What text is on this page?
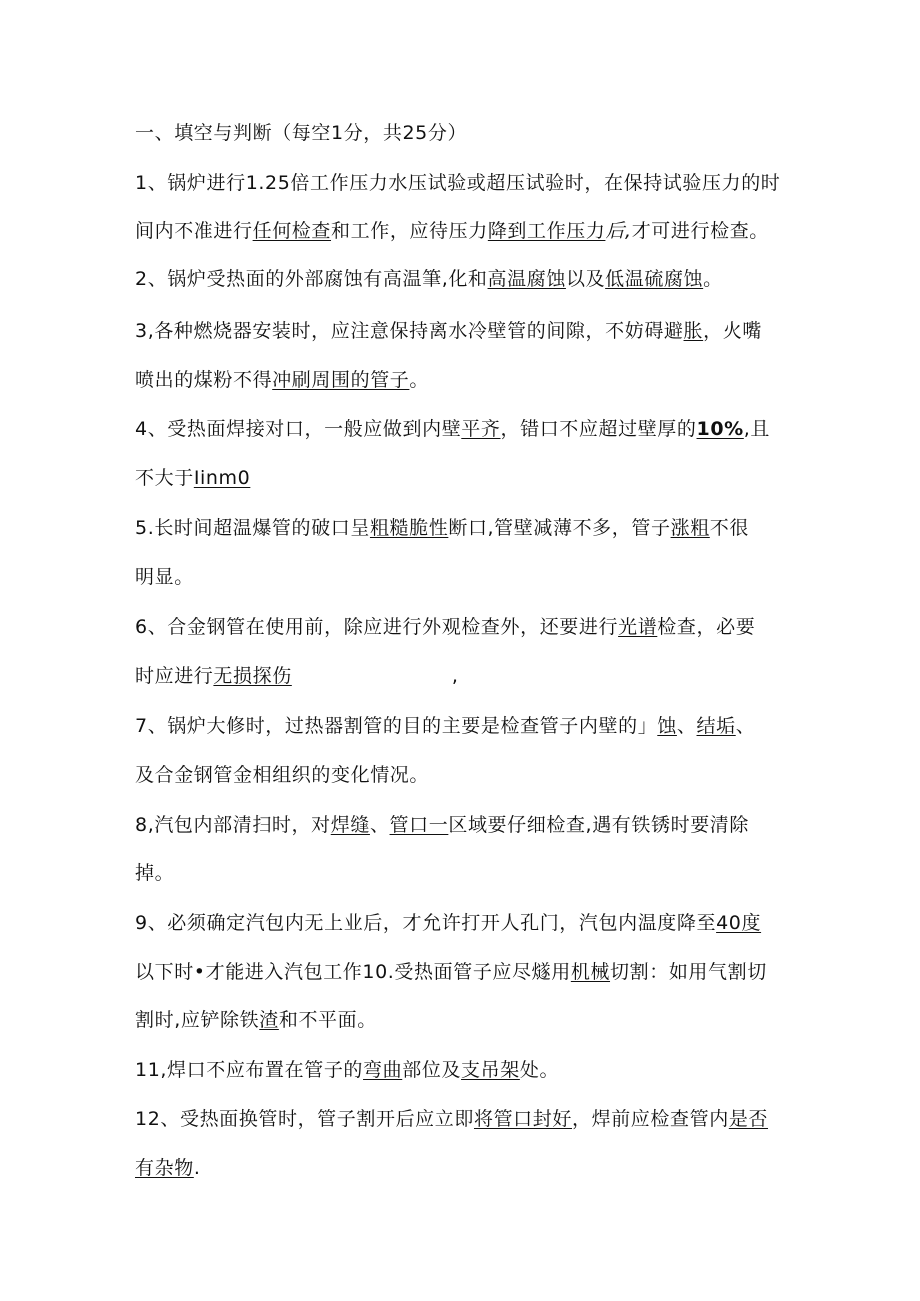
一、填空与判断（每空1分，共25分）
1、锅炉进行1.25倍工作压力水压试验或超压试验时，在保持试验压力的时
间内不准进行任何检查和工作，应待压力降到工作压力后,才可进行检查。
2、锅炉受热面的外部腐蚀有高温筆,化和高温腐蚀以及低温硫腐蚀。
3,各种燃烧器安装时，应注意保持离水冷壁管的间隙，不妨碍避胀，火嘴
喷出的煤粉不得冲刷周围的管子。
4、受热面焊接对口，一般应做到内壁平齐，错口不应超过壁厚的10%,且
不大于Iinm0
5.长时间超温爆管的破口呈粗糙脆性断口,管壁减薄不多，管子涨粗不很
明显。
6、合金钢管在使用前，除应进行外观检查外，还要进行光谱检查，必要
时应进行无损探伤	,
7、锅炉大修时，过热器割管的目的主要是检查管子内壁的」蚀、结垢、
及合金钢管金相组织的变化情况。
8,汽包内部清扫时，对焊缝、管口一区域要仔细检查,遇有铁锈时要清除
掉。
9、必须确定汽包内无上业后，才允许打开人孔门，汽包内温度降至40度
以下时•才能进入汽包工作10.受热面管子应尽燧用机械切割：如用气割切
割时,应铲除铁渣和不平面。
11,焊口不应布置在管子的弯曲部位及支吊架处。
12、受热面换管时，管子割开后应立即将管口封好，焊前应检查管内是否
有杂物.
